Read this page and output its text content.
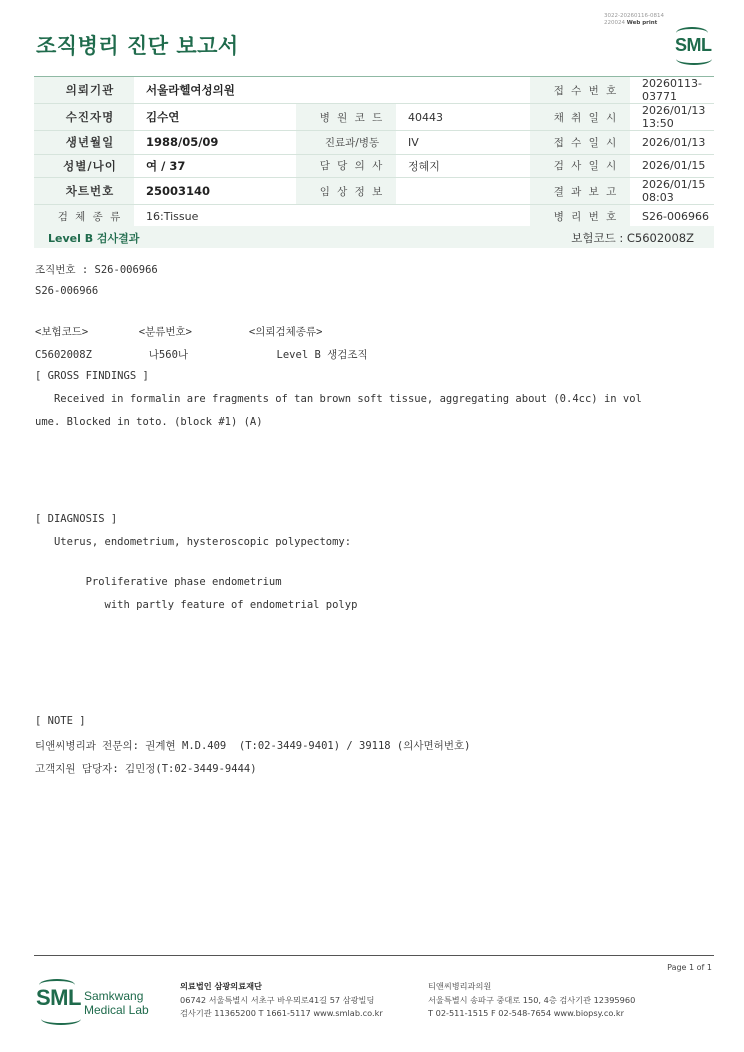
조직병리 진단 보고서
3022-20260116-0814
220024 Web print
SML
의뢰기관	서울라헬여성의원			접 수 번 호	20260113-03771
수진자명	김수연	병 원 코 드	40443	채 취 일 시	2026/01/13 13:50
생년월일	1988/05/09	진료과/병동	IV	접 수 일 시	2026/01/13
성별/나이	여 / 37	담 당 의 사	정혜지	검 사 일 시	2026/01/15
차트번호	25003140	임 상 정 보		결 과 보 고	2026/01/15 08:03
검 체 종 류	16:Tissue			병 리 번 호	S26-006966
Level B 검사결과	보험코드 : C5602008Z
조직번호 : S26-006966
S26-006966
<보험코드>        <분류번호>         <의뢰검체종류>
C5602008Z         나560나              Level B 생검조직
[ GROSS FINDINGS ]
Received in formalin are fragments of tan brown soft tissue, aggregating about (0.4cc) in vol
ume. Blocked in toto. (block #1) (A)
[ DIAGNOSIS ]
Uterus, endometrium, hysteroscopic polypectomy:
Proliferative phase endometrium
with partly feature of endometrial polyp
[ NOTE ]
티앤씨병리과 전문의: 권계현 M.D.409  (T:02-3449-9401) / 39118 (의사면허번호)
고객지원 담당자: 김민정(T:02-3449-9444)
Page 1 of 1
SML Samkwang
Medical Lab
의료법인 삼광의료재단
06742 서울특별시 서초구 바우뫼로41길 57 삼광빌딩
검사기관 11365200 T 1661-5117 www.smlab.co.kr
티앤씨병리과의원
서울특별시 송파구 중대로 150, 4층 검사기관 12395960
T 02-511-1515 F 02-548-7654 www.biopsy.co.kr
